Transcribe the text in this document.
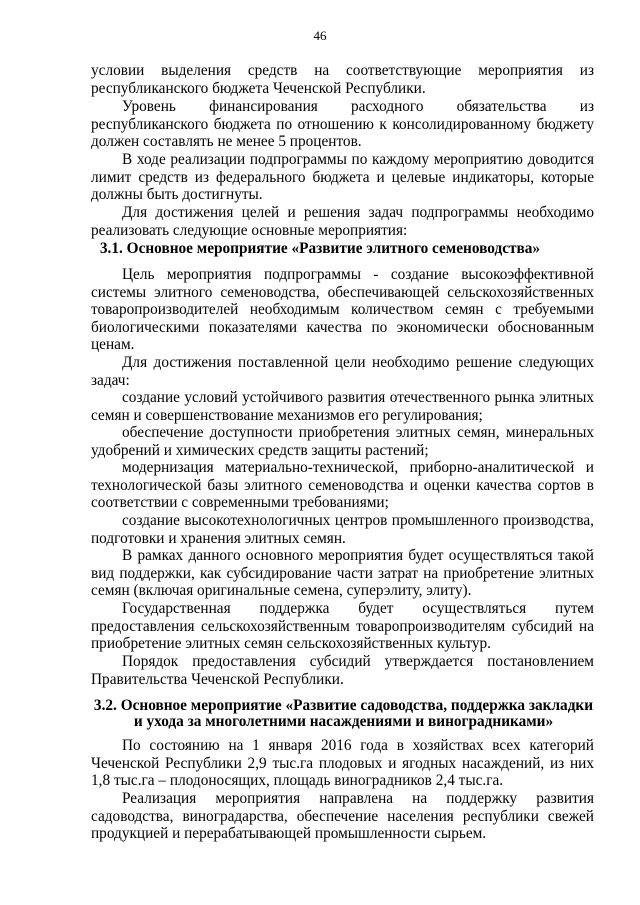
46
условии выделения средств на соответствующие мероприятия из республиканского бюджета Чеченской Республики.
Уровень финансирования расходного обязательства из республиканского бюджета по отношению к консолидированному бюджету должен составлять не менее 5 процентов.
В ходе реализации подпрограммы по каждому мероприятию доводится лимит средств из федерального бюджета и целевые индикаторы, которые должны быть достигнуты.
Для достижения целей и решения задач подпрограммы необходимо реализовать следующие основные мероприятия:
3.1. Основное мероприятие «Развитие элитного семеноводства»
Цель мероприятия подпрограммы - создание высокоэффективной системы элитного семеноводства, обеспечивающей сельскохозяйственных товаропроизводителей необходимым количеством семян с требуемыми биологическими показателями качества по экономически обоснованным ценам.
Для достижения поставленной цели необходимо решение следующих задач:
создание условий устойчивого развития отечественного рынка элитных семян и совершенствование механизмов его регулирования;
обеспечение доступности приобретения элитных семян, минеральных удобрений и химических средств защиты растений;
модернизация материально-технической, приборно-аналитической и технологической базы элитного семеноводства и оценки качества сортов в соответствии с современными требованиями;
создание высокотехнологичных центров промышленного производства, подготовки и хранения элитных семян.
В рамках данного основного мероприятия будет осуществляться такой вид поддержки, как субсидирование части затрат на приобретение элитных семян (включая оригинальные семена, суперэлиту, элиту).
Государственная поддержка будет осуществляться путем предоставления сельскохозяйственным товаропроизводителям субсидий на приобретение элитных семян сельскохозяйственных культур.
Порядок предоставления субсидий утверждается постановлением Правительства Чеченской Республики.
3.2. Основное мероприятие «Развитие садоводства, поддержка закладки
и ухода за многолетними насаждениями и виноградниками»
По состоянию на 1 января 2016 года в хозяйствах всех категорий Чеченской Республики 2,9 тыс.га плодовых и ягодных насаждений, из них 1,8 тыс.га – плодоносящих, площадь виноградников 2,4 тыс.га.
Реализация мероприятия направлена на поддержку развития садоводства, виноградарства, обеспечение населения республики свежей продукцией и перерабатывающей промышленности сырьем.
